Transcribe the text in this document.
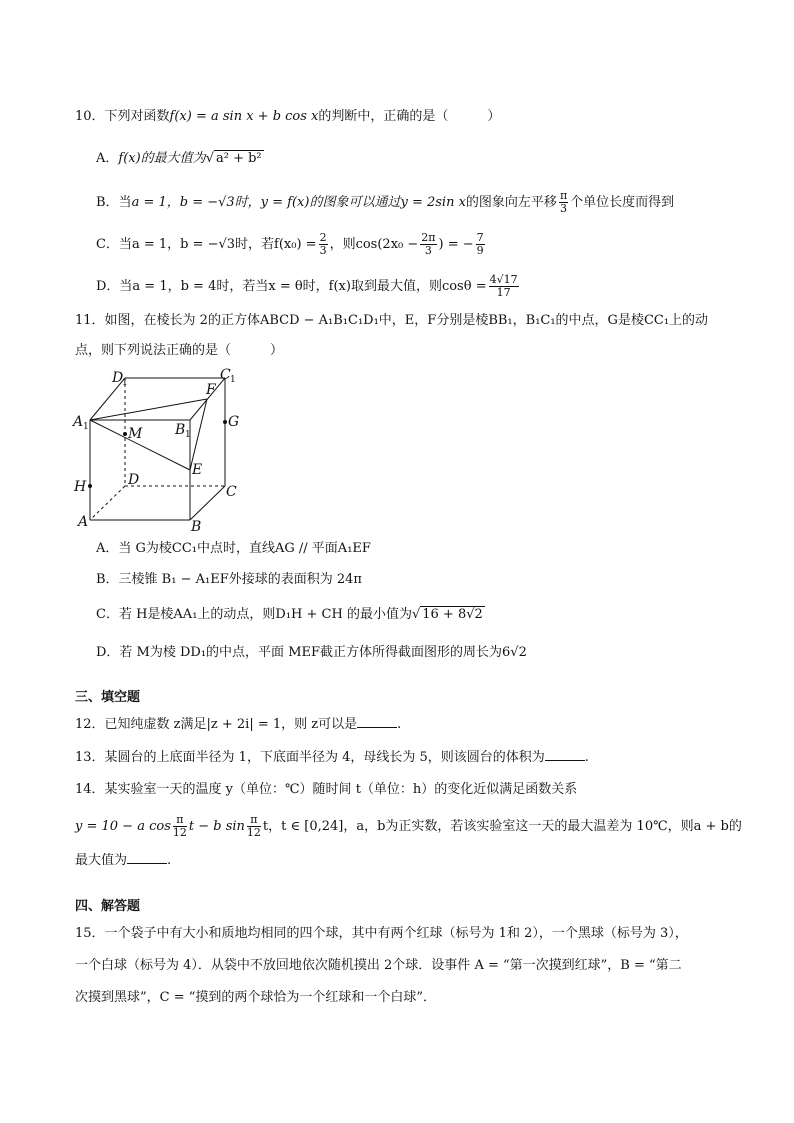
10．下列对函数f(x) = a sin x + b cos x的判断中，正确的是（　　　）
A．f(x)的最大值为√ a² + b²
B．当a = 1，b = −√3时，y = f(x)的图象可以通过y = 2sin x的图象向左平移 $\frac{\pi}{3}$ 个单位长度而得到
C．当a = 1，b = −√3时，若$f(x_0) = \frac{2}{3}$ ，则$\cos(2x_0 - \frac{2\pi}{3}$ ) = − $\frac{7}{9}$
D．当a = 1，b = 4时，若当x = θ时，f(x)取到最大值，则$\cos\theta = \frac{4√17}{17}$
11．如图，在棱长为 2的正方体ABCD − A₁B₁C₁D₁中，E，F分别是棱BB₁，B₁C₁的中点，G是棱CC₁上的动
点，则下列说法正确的是（　　　）
D
1	C 1
A 1	B 1
M
F
G
E
D
C
H
A	B
A．当 G为棱CC₁中点时，直线AG // 平面A₁EF
B．三棱锥 B₁ − A₁EF外接球的表面积为 24π
C．若 H是棱AA₁上的动点，则D₁H + CH 的最小值为√ 16 + 8√2
D．若 M为棱 DD₁的中点，平面 MEF截正方体所得截面图形的周长为6√2
三、填空题
12．已知纯虚数 z满足|z + 2i| = 1，则 z可以是	.
13．某圆台的上底面半径为 1，下底面半径为 4，母线长为 5，则该圆台的体积为	.
14．某实验室一天的温度 y（单位：℃）随时间 t（单位：h）的变化近似满足函数关系
y = 10 − a $\cos \frac{\pi}{12}$ t − b $\sin \frac{\pi}{12}$ t，t ∈ [0,24]，a，b为正实数，若该实验室这一天的最大温差为 10℃，则a + b的
最大值为	.
四、解答题
15．一个袋子中有大小和质地均相同的四个球，其中有两个红球（标号为 1和 2），一个黑球（标号为 3），
一个白球（标号为 4）．从袋中不放回地依次随机摸出 2个球．设事件 A = “第一次摸到红球”，B = “第二
次摸到黑球”，C = “摸到的两个球恰为一个红球和一个白球”．
